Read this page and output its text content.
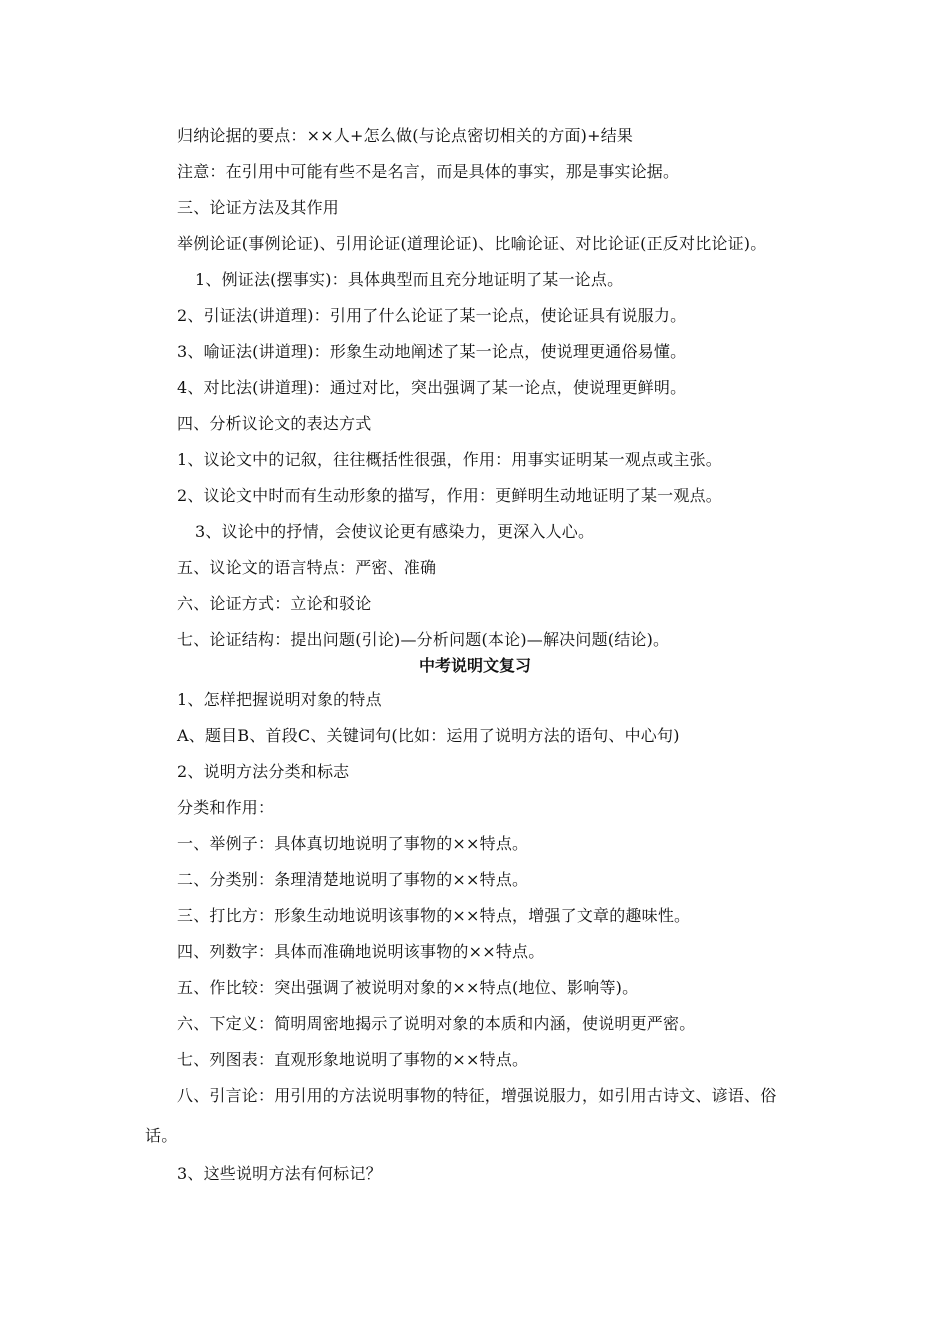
归纳论据的要点：××人+怎么做(与论点密切相关的方面)+结果
注意：在引用中可能有些不是名言，而是具体的事实，那是事实论据。
三、论证方法及其作用
举例论证(事例论证)、引用论证(道理论证)、比喻论证、对比论证(正反对比论证)。
1、例证法(摆事实)：具体典型而且充分地证明了某一论点。
2、引证法(讲道理)：引用了什么论证了某一论点，使论证具有说服力。
3、喻证法(讲道理)：形象生动地阐述了某一论点，使说理更通俗易懂。
4、对比法(讲道理)：通过对比，突出强调了某一论点，使说理更鲜明。
四、分析议论文的表达方式
1、议论文中的记叙，往往概括性很强，作用：用事实证明某一观点或主张。
2、议论文中时而有生动形象的描写，作用：更鲜明生动地证明了某一观点。
3、议论中的抒情，会使议论更有感染力，更深入人心。
五、议论文的语言特点：严密、准确
六、论证方式：立论和驳论
七、论证结构：提出问题(引论)—分析问题(本论)—解决问题(结论)。
中考说明文复习
1、怎样把握说明对象的特点
A、题目B、首段C、关键词句(比如：运用了说明方法的语句、中心句)
2、说明方法分类和标志
分类和作用：
一、举例子：具体真切地说明了事物的××特点。
二、分类别：条理清楚地说明了事物的××特点。
三、打比方：形象生动地说明该事物的××特点，增强了文章的趣味性。
四、列数字：具体而准确地说明该事物的××特点。
五、作比较：突出强调了被说明对象的××特点(地位、影响等)。
六、下定义：简明周密地揭示了说明对象的本质和内涵，使说明更严密。
七、列图表：直观形象地说明了事物的××特点。
八、引言论：用引用的方法说明事物的特征，增强说服力，如引用古诗文、谚语、俗
话。
3、这些说明方法有何标记？
